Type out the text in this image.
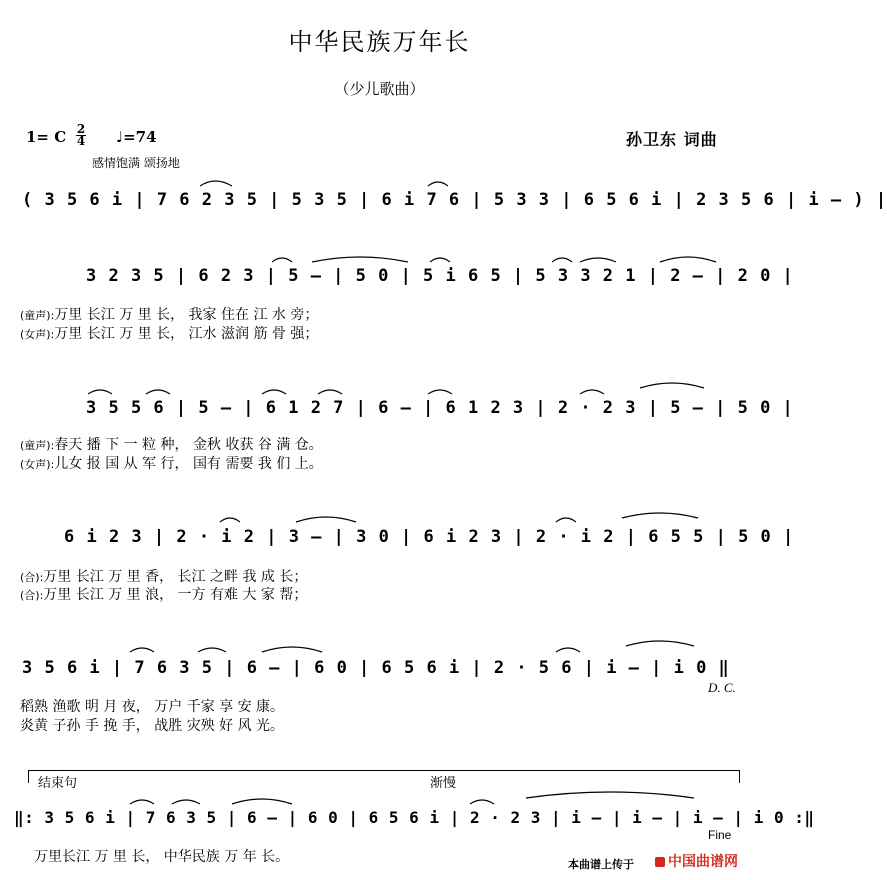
中华民族万年长
（少儿歌曲）
1= C 2
4 ♩=74
感情饱满 颂扬地
孙卫东 词曲
( 3 5 6 i | 7 6 2 3 5 | 5 3 5 | 6 i 7 6 | 5 3 3 | 6 5 6 i | 2 3 5 6 | i — ) |
3 2 3 5 | 6 2 3 | 5 — | 5 0 | 5 i 6 5 | 5 3 3 2 1 | 2 — | 2 0 |
(童声):万里 长江 万 里 长， 我家 住在 江 水 旁；
(女声):万里 长江 万 里 长， 江水 滋润 筋 骨 强；
3 5 5 6 | 5 — | 6 1 2 7 | 6 — | 6 1 2 3 | 2 · 2 3 | 5 — | 5 0 |
(童声):春天 播 下 一 粒 种， 金秋 收获 谷 满 仓。
(女声):儿女 报 国 从 军 行， 国有 需要 我 们 上。
6 i 2 3 | 2 · i 2 | 3 — | 3 0 | 6 i 2 3 | 2 · i 2 | 6 5 5 | 5 0 |
(合):万里 长江 万 里 香， 长江 之畔 我 成 长；
(合):万里 长江 万 里 浪， 一方 有难 大 家 帮；
3 5 6 i | 7 6 3 5 | 6 — | 6 0 | 6 5 6 i | 2 · 5 6 | i — | i 0 ‖
D. C.
稻熟 渔歌 明 月 夜， 万户 千家 享 安 康。
炎黄 子孙 手 挽 手， 战胜 灾殃 好 风 光。
结束句	渐慢
‖: 3 5 6 i | 7 6 3 5 | 6 — | 6 0 | 6 5 6 i | 2 · 2 3 | i — | i — | i — | i 0 :‖
Fine
万里长江 万 里 长， 中华民族 万 年 长。	本曲谱上传于	中国曲谱网
